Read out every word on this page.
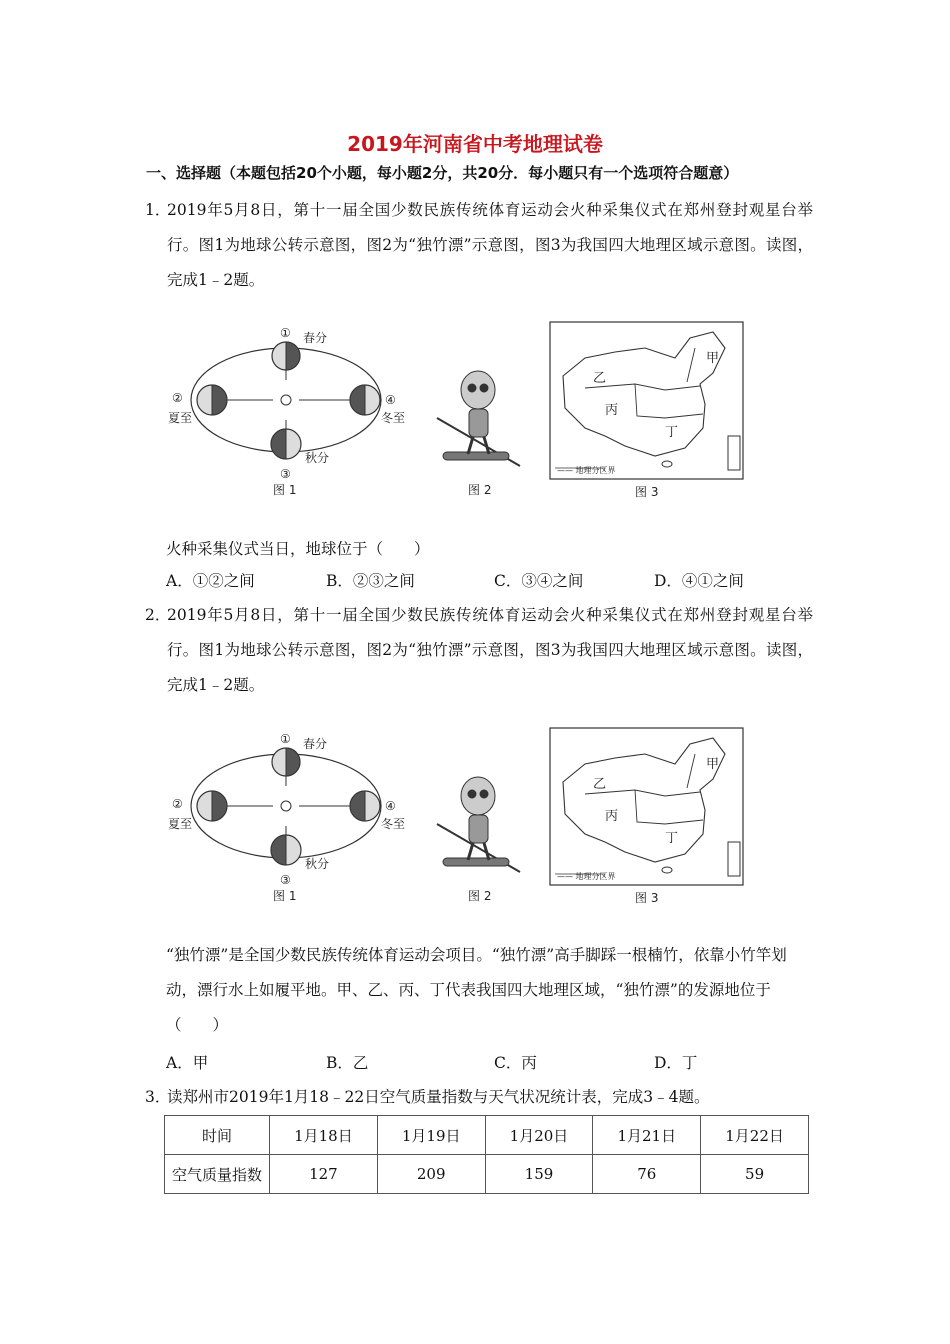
2019年河南省中考地理试卷
一、选择题（本题包括20个小题，每小题2分，共20分．每小题只有一个选项符合题意）
1．
2019年5月8日，第十一届全国少数民族传统体育运动会火种采集仪式在郑州登封观星台举行。图1为地球公转示意图，图2为“独竹漂”示意图，图3为我国四大地理区域示意图。读图，完成1﹣2题。
① 春分
②
夏至
④
冬至
秋分
③
图 1	图 2
甲
乙
丙
丁
—— 地理分区界
图 3
火种采集仪式当日，地球位于（　　）
A．①②之间	B．②③之间	C．③④之间	D．④①之间
2．
2019年5月8日，第十一届全国少数民族传统体育运动会火种采集仪式在郑州登封观星台举行。图1为地球公转示意图，图2为“独竹漂”示意图，图3为我国四大地理区域示意图。读图，完成1﹣2题。
① 春分
②
夏至
④
冬至
秋分
③
图 1	图 2
甲
乙
丙
丁
—— 地理分区界
图 3
“独竹漂”是全国少数民族传统体育运动会项目。“独竹漂”高手脚踩一根楠竹，依靠小竹竿划动，漂行水上如履平地。甲、乙、丙、丁代表我国四大地理区域，“独竹漂”的发源地位于（　　）
A．甲	B．乙	C．丙	D．丁
3．
读郑州市2019年1月18﹣22日空气质量指数与天气状况统计表，完成3﹣4题。
时间	1月18日	1月19日	1月20日	1月21日	1月22日
空气质量指数	127	209	159	76	59
